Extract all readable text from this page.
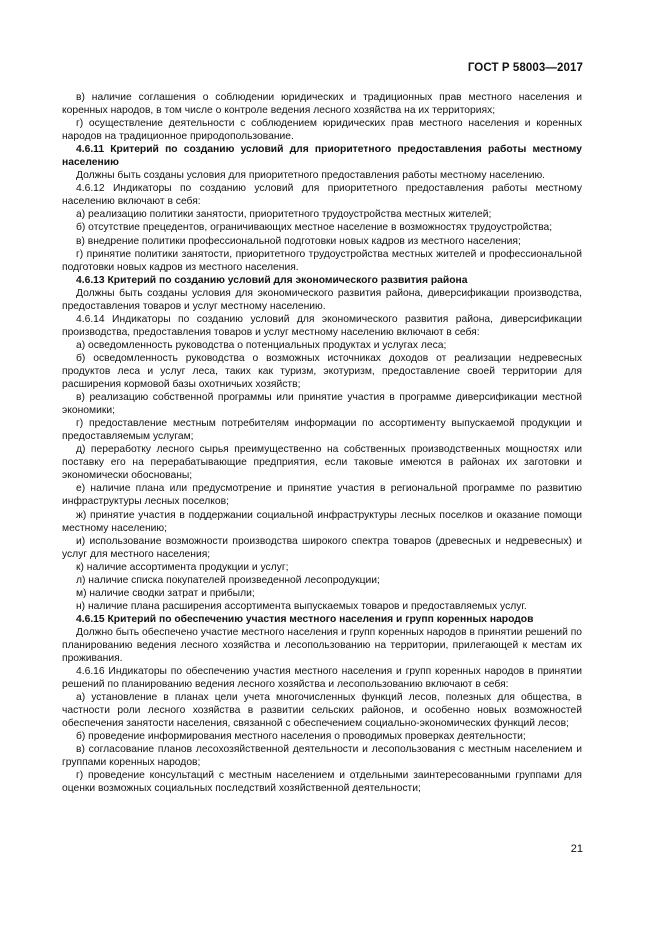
ГОСТ Р 58003—2017

в) наличие соглашения о соблюдении юридических и традиционных прав местного населения и коренных народов, в том числе о контроле ведения лесного хозяйства на их территориях;

г) осуществление деятельности с соблюдением юридических прав местного населения и коренных народов на традиционное природопользование.

4.6.11 Критерий по созданию условий для приоритетного предоставления работы местному населению

Должны быть созданы условия для приоритетного предоставления работы местному населению.

4.6.12 Индикаторы по созданию условий для приоритетного предоставления работы местному населению включают в себя:

а) реализацию политики занятости, приоритетного трудоустройства местных жителей;

б) отсутствие прецедентов, ограничивающих местное население в возможностях трудоустройства;

в) внедрение политики профессиональной подготовки новых кадров из местного населения;

г) принятие политики занятости, приоритетного трудоустройства местных жителей и профессиональной подготовки новых кадров из местного населения.

4.6.13 Критерий по созданию условий для экономического развития района

Должны быть созданы условия для экономического развития района, диверсификации производства, предоставления товаров и услуг местному населению.

4.6.14 Индикаторы по созданию условий для экономического развития района, диверсификации производства, предоставления товаров и услуг местному населению включают в себя:

а) осведомленность руководства о потенциальных продуктах и услугах леса;

б) осведомленность руководства о возможных источниках доходов от реализации недревесных продуктов леса и услуг леса, таких как туризм, экотуризм, предоставление своей территории для расширения кормовой базы охотничьих хозяйств;

в) реализацию собственной программы или принятие участия в программе диверсификации местной экономики;

г) предоставление местным потребителям информации по ассортименту выпускаемой продукции и предоставляемым услугам;

д) переработку лесного сырья преимущественно на собственных производственных мощностях или поставку его на перерабатывающие предприятия, если таковые имеются в районах их заготовки и экономически обоснованы;

е) наличие плана или предусмотрение и принятие участия в региональной программе по развитию инфраструктуры лесных поселков;

ж) принятие участия в поддержании социальной инфраструктуры лесных поселков и оказание помощи местному населению;

и) использование возможности производства широкого спектра товаров (древесных и недревесных) и услуг для местного населения;

к) наличие ассортимента продукции и услуг;

л) наличие списка покупателей произведенной лесопродукции;

м) наличие сводки затрат и прибыли;

н) наличие плана расширения ассортимента выпускаемых товаров и предоставляемых услуг.

4.6.15 Критерий по обеспечению участия местного населения и групп коренных народов

Должно быть обеспечено участие местного населения и групп коренных народов в принятии решений по планированию ведения лесного хозяйства и лесопользованию на территории, прилегающей к местам их проживания.

4.6.16 Индикаторы по обеспечению участия местного населения и групп коренных народов в принятии решений по планированию ведения лесного хозяйства и лесопользованию включают в себя:

а) установление в планах цели учета многочисленных функций лесов, полезных для общества, в частности роли лесного хозяйства в развитии сельских районов, и особенно новых возможностей обеспечения занятости населения, связанной с обеспечением социально-экономических функций лесов;

б) проведение информирования местного населения о проводимых проверках деятельности;

в) согласование планов лесохозяйственной деятельности и лесопользования с местным населением и группами коренных народов;

г) проведение консультаций с местным населением и отдельными заинтересованными группами для оценки возможных социальных последствий хозяйственной деятельности;

21
